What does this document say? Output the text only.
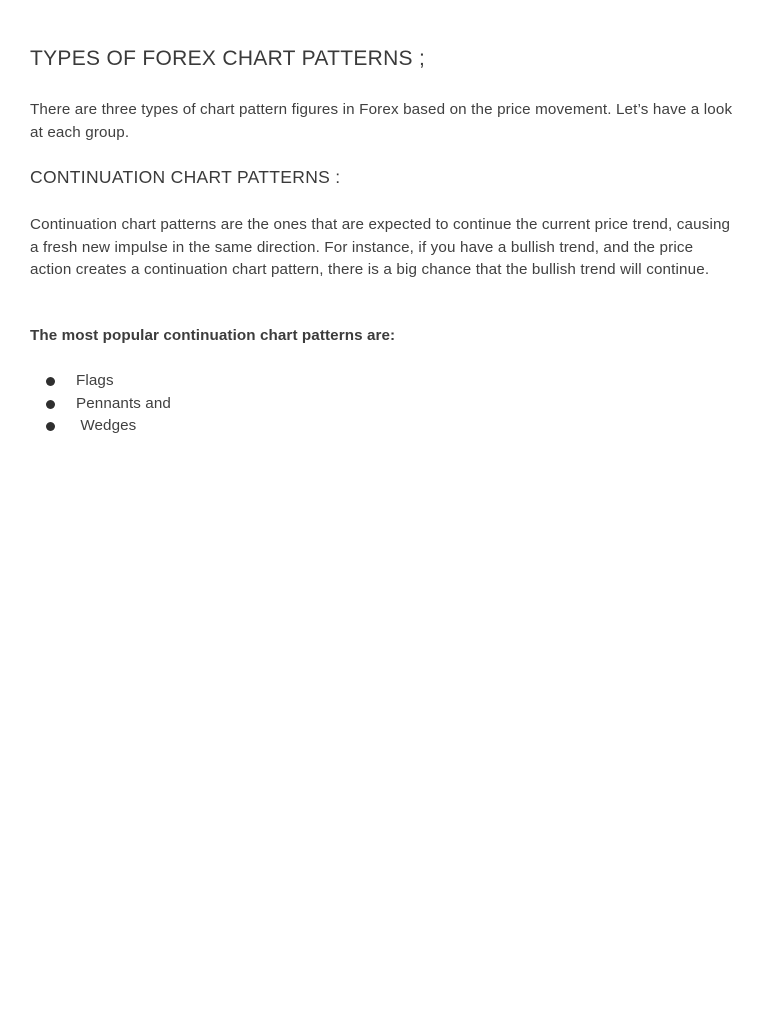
TYPES OF FOREX CHART PATTERNS ;

There are three types of chart pattern figures in Forex based on the price movement. Let’s have a look at each group.

CONTINUATION CHART PATTERNS :

Continuation chart patterns are the ones that are expected to continue the current price trend, causing a fresh new impulse in the same direction. For instance, if you have a bullish trend, and the price action creates a continuation chart pattern, there is a big chance that the bullish trend will continue.

The most popular continuation chart patterns are:

Flags

Pennants and

Wedges
